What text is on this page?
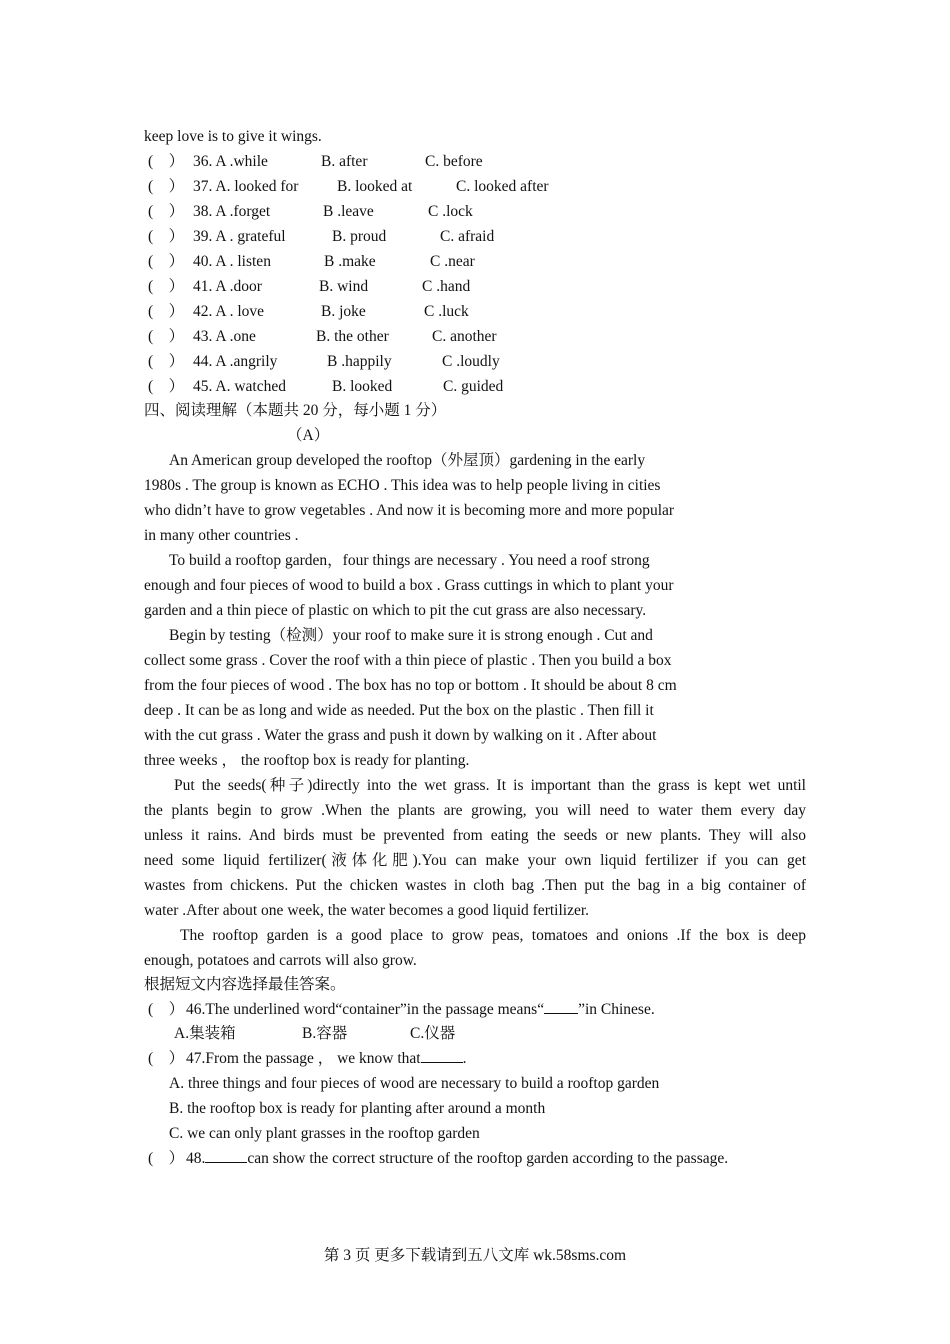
keep love is to give it wings.
(　） 36. A .while	B. after	C. before
(　） 37. A. looked for B. looked at	C. looked after
(　） 38. A .forget	B .leave	C .lock
(　） 39. A . grateful	B. proud	C. afraid
(　） 40. A . listen	B .make	C .near
(　） 41. A .door	B. wind	C .hand
(　） 42. A . love	B. joke	C .luck
(　） 43. A .one	B. the other	C. another
(　） 44. A .angrily	B .happily	C .loudly
(　） 45. A. watched	B. looked	C. guided
四、阅读理解（本题共 20 分，每小题 1 分）
（A）
An American group developed the rooftop（外屋顶）gardening in the early
1980s . The group is known as ECHO . This idea was to help people living in cities
who didn’t have to grow vegetables . And now it is becoming more and more popular
in many other countries .
To build a rooftop garden，four things are necessary . You need a roof strong
enough and four pieces of wood to build a box . Grass cuttings in which to plant your
garden and a thin piece of plastic on which to pit the cut grass are also necessary.
Begin by testing（检测）your roof to make sure it is strong enough . Cut and
collect some grass . Cover the roof with a thin piece of plastic . Then you build a box
from the four pieces of wood . The box has no top or bottom . It should be about 8 cm
deep . It can be as long and wide as needed. Put the box on the plastic . Then fill it
with the cut grass . Water the grass and push it down by walking on it . After about
three weeks ， the rooftop box is ready for planting.
Put the seeds(种子)directly into the wet grass. It is important than the grass is kept wet until
the plants begin to grow .When the plants are growing, you will need to water them every day
unless it rains. And birds must be prevented from eating the seeds or new plants. They will also
need some liquid fertilizer(液体化肥).You can make your own liquid fertilizer if you can get
wastes from chickens. Put the chicken wastes in cloth bag .Then put the bag in a big container of
water .After about one week, the water becomes a good liquid fertilizer.
The rooftop garden is a good place to grow peas, tomatoes and onions .If the box is deep
enough, potatoes and carrots will also grow.
根据短文内容选择最佳答案。
(　） 46.The underlined word“container”in the passage means“ ”in Chinese.
A.集装箱	B.容器	C.仪器
(　） 47.From the passage ， we know that	.
A. three things and four pieces of wood are necessary to build a rooftop garden
B. the rooftop box is ready for planting after around a month
C. we can only plant grasses in the rooftop garden
(　） 48.	can show the correct structure of the rooftop garden according to the passage.
第 3 页 更多下载请到五八文库 wk.58sms.com
